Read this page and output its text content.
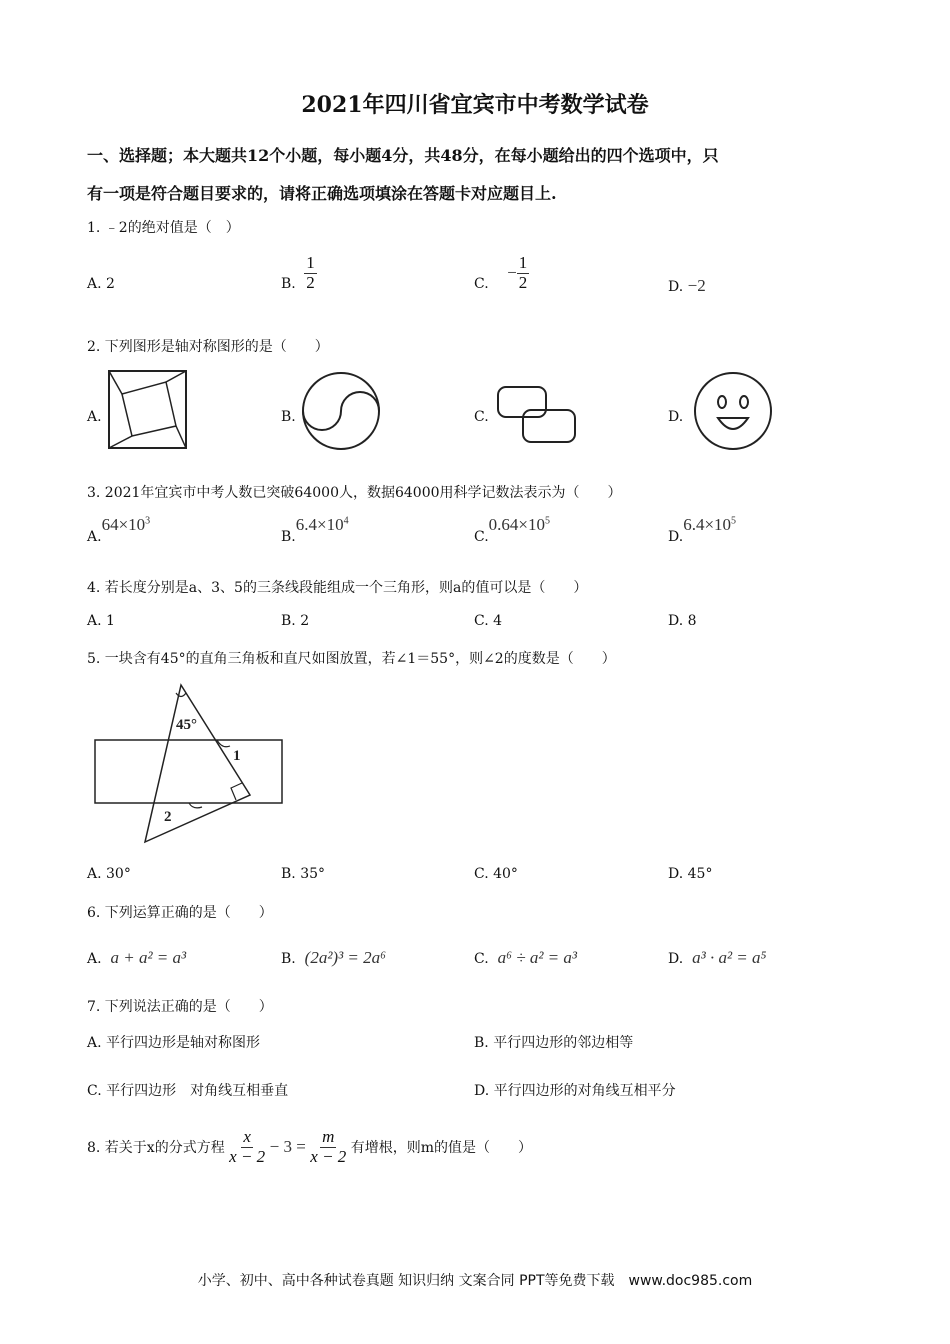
2021年四川省宜宾市中考数学试卷
一、选择题；本大题共12个小题，每小题4分，共48分，在每小题给出的四个选项中，只
有一项是符合题目要求的，请将正确选项填涂在答题卡对应题目上.
1. ﹣2的绝对值是（　）
A. 2	B. $\frac{1}{2}$	C. − $\frac{1}{2}$	D. −2
2. 下列图形是轴对称图形的是（　　）
A.	B.	C.	D.
3. 2021年宜宾市中考人数已突破64000人，数据64000用科学记数法表示为（　　）
$A.64\times 10^3$
$B.6.4\times 10^4$
$C.0.64\times 10^5$
$D.6.4\times 10^5$
4. 若长度分别是a、3、5的三条线段能组成一个三角形，则a的值可以是（　　）
A. 1	B. 2	C. 4	D. 8
5. 一块含有45°的直角三角板和直尺如图放置，若∠1＝55°，则∠2的度数是（　　）
45°
1
2
A. 30°	B. 35°	C. 40°	D. 45°
6. 下列运算正确的是（　　）
A. a + a² = a³	B. (2a²)³ = 2a⁶	C. a⁶ ÷ a² = a³	D. a³ · a² = a⁵
7. 下列说法正确的是（　　）
A. 平行四边形是轴对称图形	B. 平行四边形的邻边相等
C. 平行四边形　对角线互相垂直	D. 平行四边形的对角线互相平分
8. 若关于x的分式方程 $\frac{x}{x - 2} - 3 = \frac{m}{x - 2}$ 有增根，则m的值是（　　）
小学、初中、高中各种试卷真题 知识归纳 文案合同 PPT等免费下载　www.doc985.com
